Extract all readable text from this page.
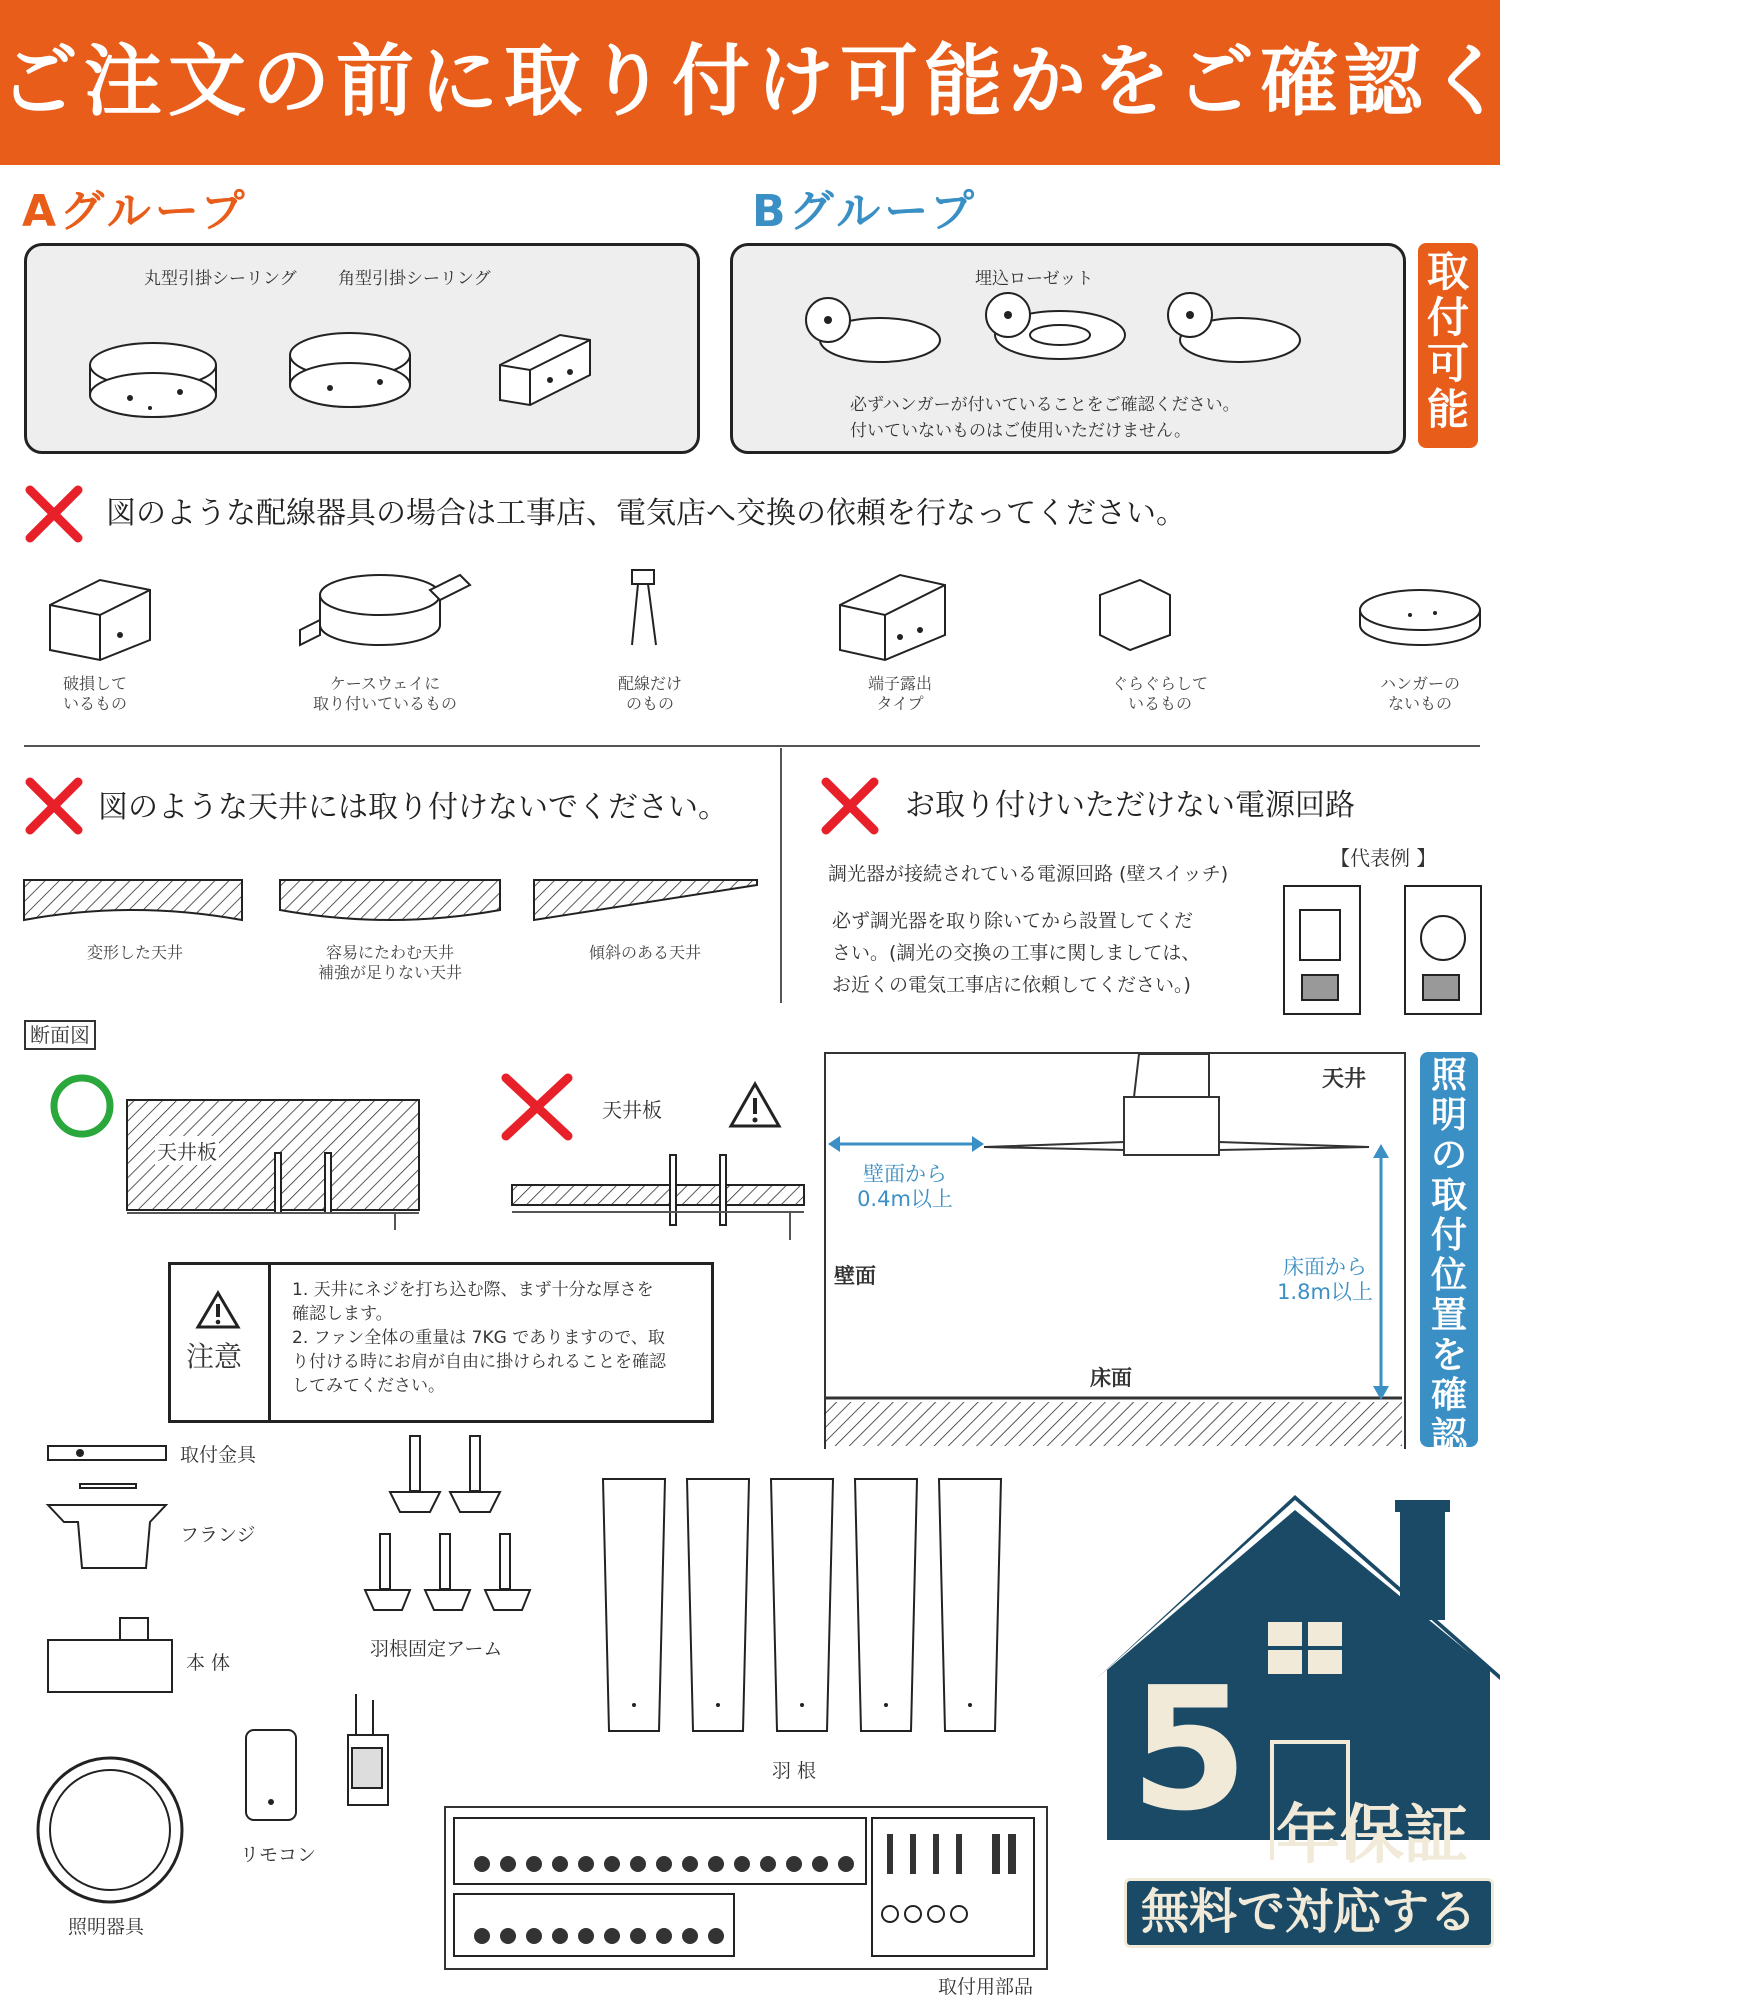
ご注文の前に取り付け可能かをご確認ください
Aグループ	Bグループ
丸型引掛シーリング 角型引掛シーリング	埋込ローゼット
必ずハンガーが付いていることをご確認ください。
付いていないものはご使用いただけません。
取
付
可
能
図のような配線器具の場合は工事店、電気店へ交換の依頼を行なってください。
破損して
いるもの
ケースウェイに
取り付いているもの
配線だけ
のもの
端子露出
タイプ
ぐらぐらして
いるもの
ハンガーの
ないもの
図のような天井には取り付けないでください。
変形した天井	容易にたわむ天井
補強が足りない天井
傾斜のある天井
お取り付けいただけない電源回路
【代表例 】
調光器が接続されている電源回路 (壁スイッチ)
必ず調光器を取り除いてから設置してくだ
さい。(調光の交換の工事に関しましては、
お近くの電気工事店に依頼してください。)
断面図
天井板
天井板
注意
1. 天井にネジを打ち込む際、まず十分な厚さを
確認します。
2. ファン全体の重量は 7KG でありますので、取
り付ける時にお肩が自由に掛けられることを確認
してみてください。
天井
壁面から
0.4m以上
壁面	床面から
1.8m以上
床面
照
明
の
取
付
位
置
を
確
認
取付金具
フランジ
本 体
羽根固定アーム
羽 根
照明器具
リモコン
取付用部品
5 年保証
無料で対応する
